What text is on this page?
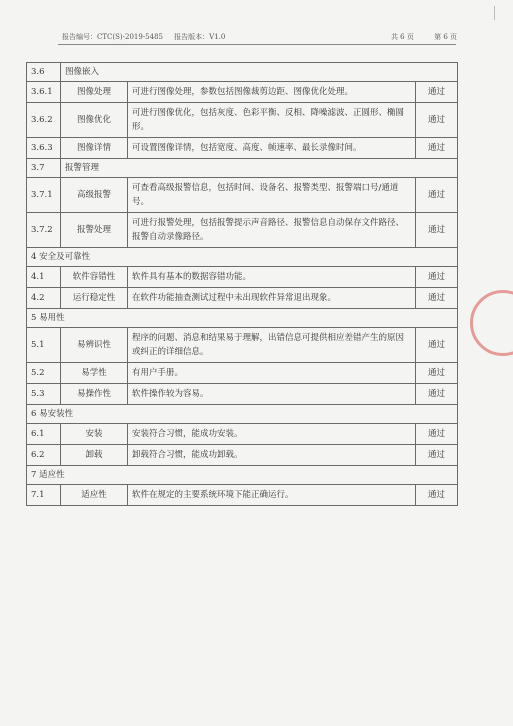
报告编号：CTC(S)-2019-5485 报告版本：V1.0	共 6 页	第 6 页
3.6	图像嵌入		
3.6.1	图像处理	可进行图像处理，参数包括图像裁剪边距、图像优化处理。	通过
3.6.2	图像优化	可进行图像优化，包括灰度、色彩平衡、反相、降噪滤波、正圆形、椭圆形。	通过
3.6.3	图像详情	可设置图像详情，包括宽度、高度、帧速率、最长录像时间。	通过
3.7	报警管理		
3.7.1	高级报警	可查看高级报警信息，包括时间、设备名、报警类型、报警端口号/通道号。	通过
3.7.2	报警处理	可进行报警处理，包括报警提示声音路径、报警信息自动保存文件路径、报警自动录像路径。	通过
4 安全及可靠性			
4.1	软件容错性	软件具有基本的数据容错功能。	通过
4.2	运行稳定性	在软件功能抽查测试过程中未出现软件异常退出现象。	通过
5 易用性			
5.1	易辨识性	程序的问题、消息和结果易于理解，出错信息可提供相应差错产生的原因或纠正的详细信息。	通过
5.2	易学性	有用户手册。	通过
5.3	易操作性	软件操作较为容易。	通过
6 易安装性			
6.1	安装	安装符合习惯，能成功安装。	通过
6.2	卸载	卸载符合习惯，能成功卸载。	通过
7 适应性			
7.1	适应性	软件在规定的主要系统环境下能正确运行。	通过
